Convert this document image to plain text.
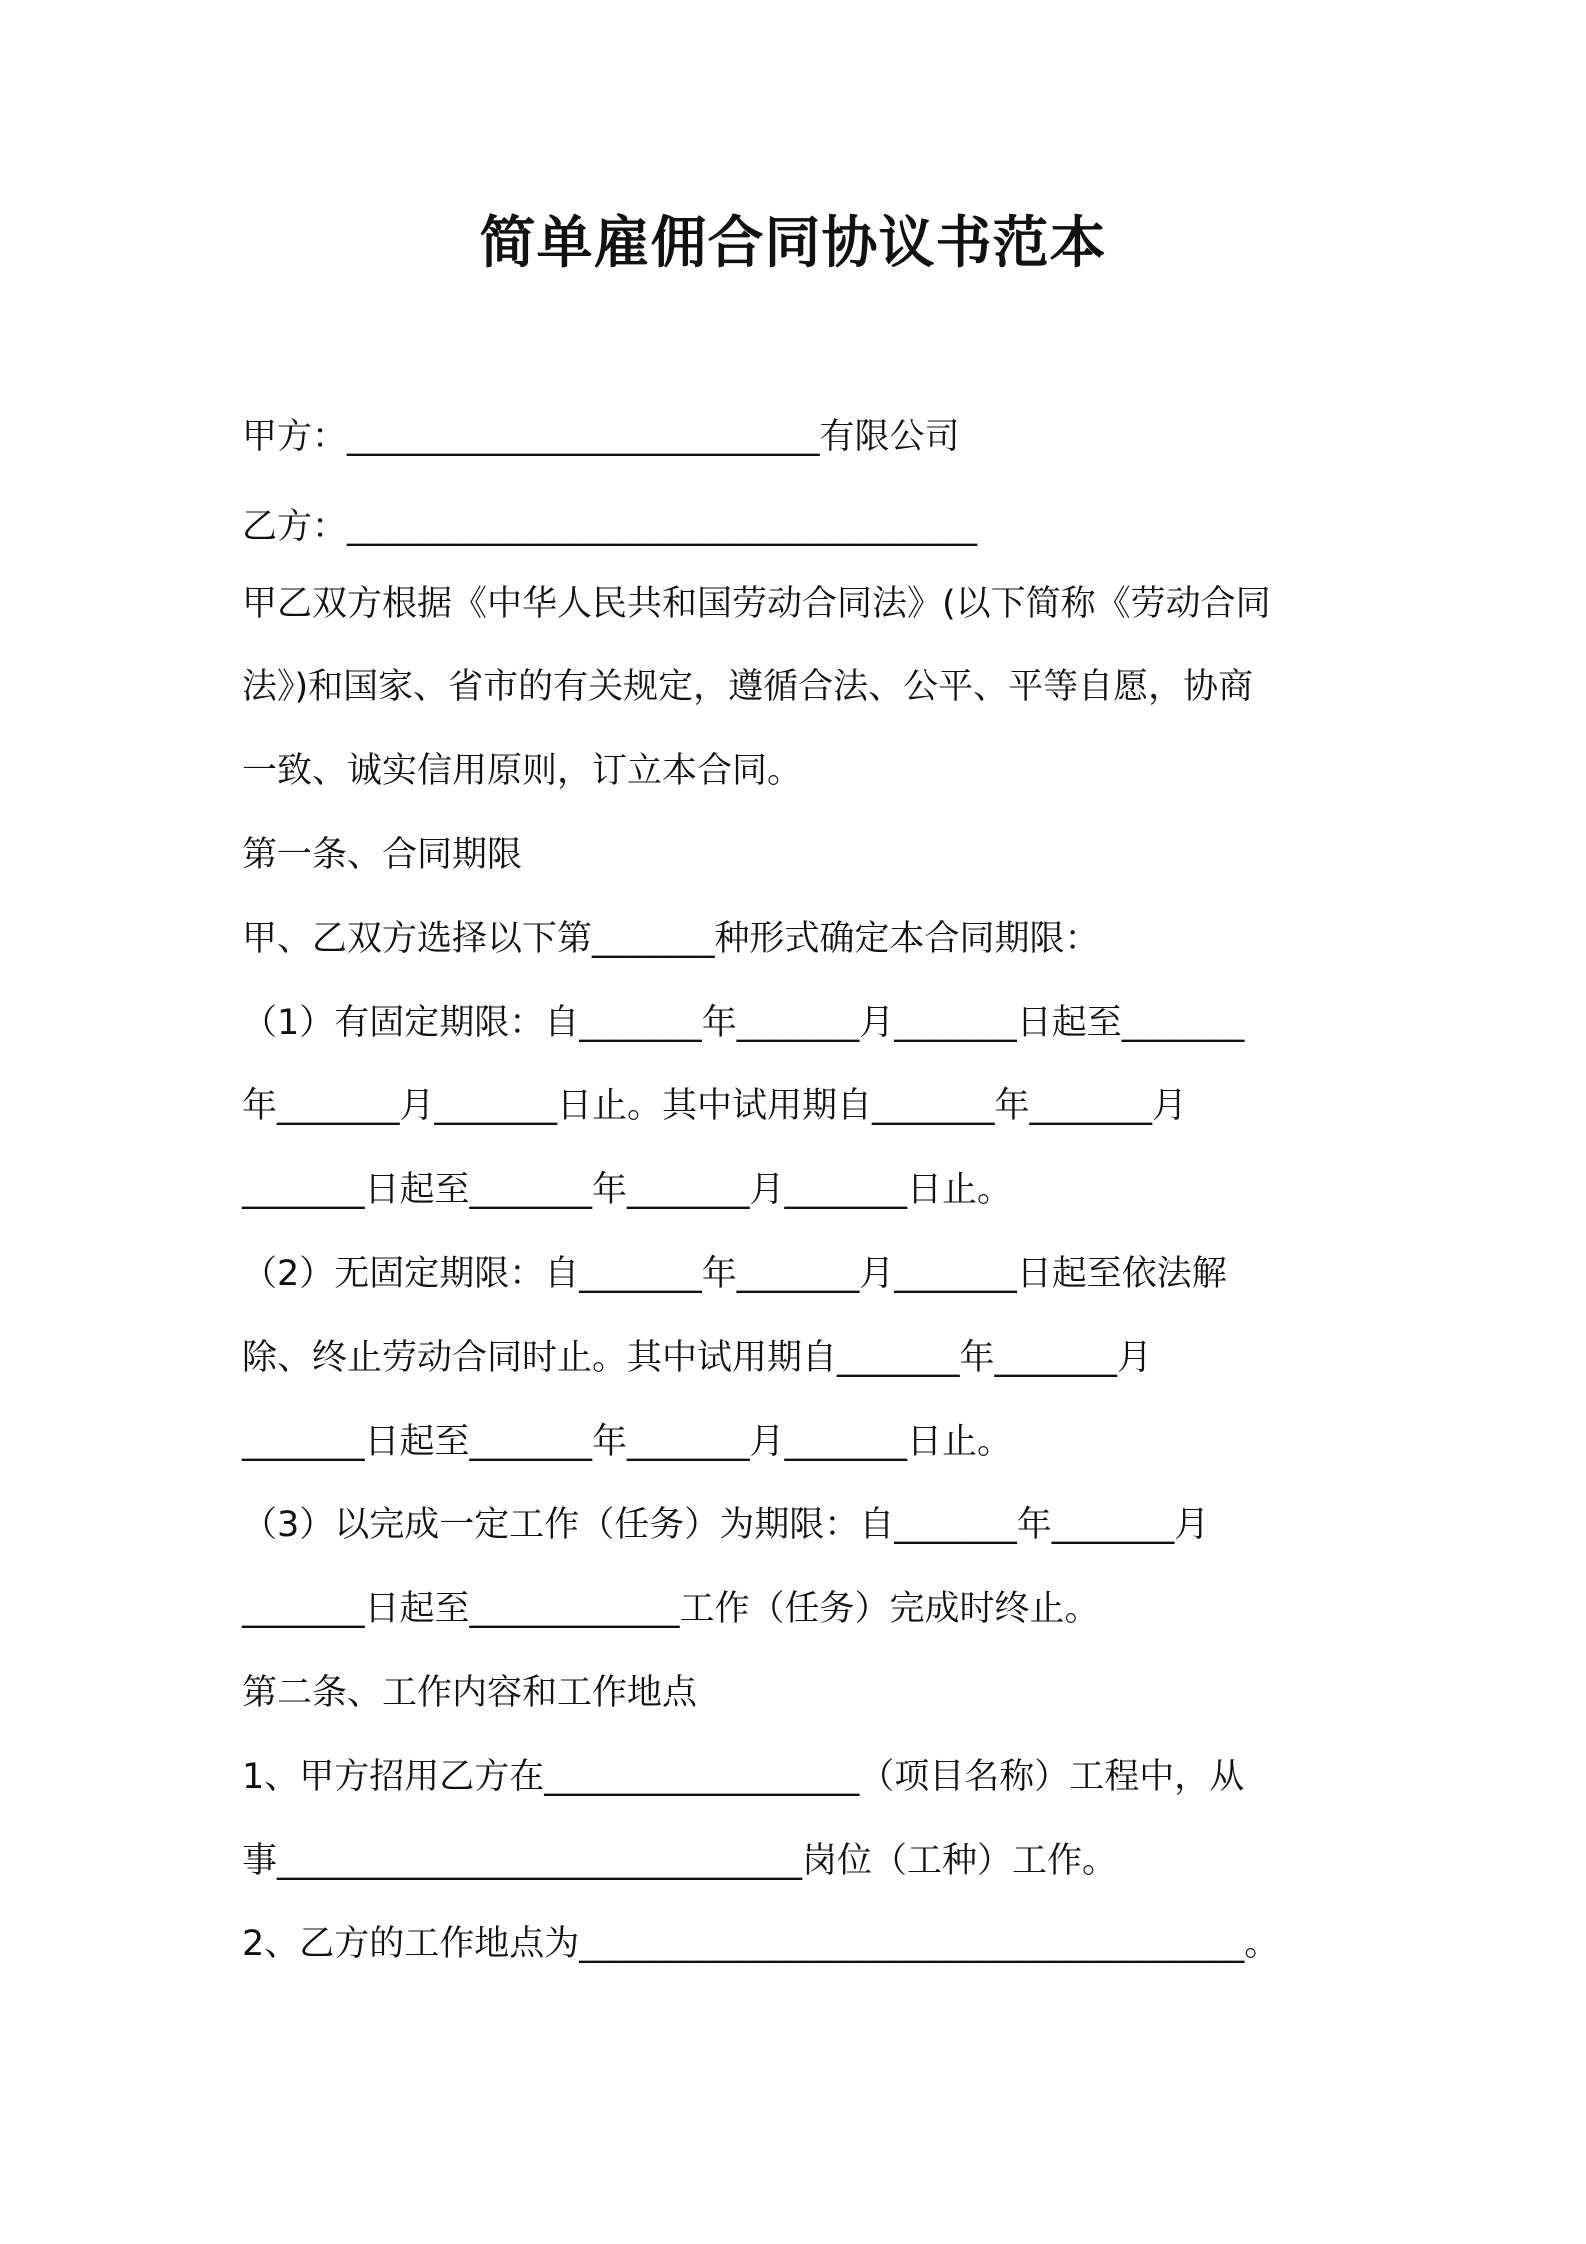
简单雇佣合同协议书范本
甲方：___________________________有限公司
乙方：____________________________________
甲乙双方根据《中华人民共和国劳动合同法》(以下简称《劳动合同
法》)和国家、省市的有关规定，遵循合法、公平、平等自愿，协商
一致、诚实信用原则，订立本合同。
第一条、合同期限
甲、乙双方选择以下第_______种形式确定本合同期限：
（1）有固定期限：自_______年_______月_______日起至_______
年_______月_______日止。其中试用期自_______年_______月
_______日起至_______年_______月_______日止。
（2）无固定期限：自_______年_______月_______日起至依法解
除、终止劳动合同时止。其中试用期自_______年_______月
_______日起至_______年_______月_______日止。
（3）以完成一定工作（任务）为期限：自_______年_______月
_______日起至____________工作（任务）完成时终止。
第二条、工作内容和工作地点
1、甲方招用乙方在__________________（项目名称）工程中，从
事______________________________岗位（工种）工作。
2、乙方的工作地点为______________________________________。
